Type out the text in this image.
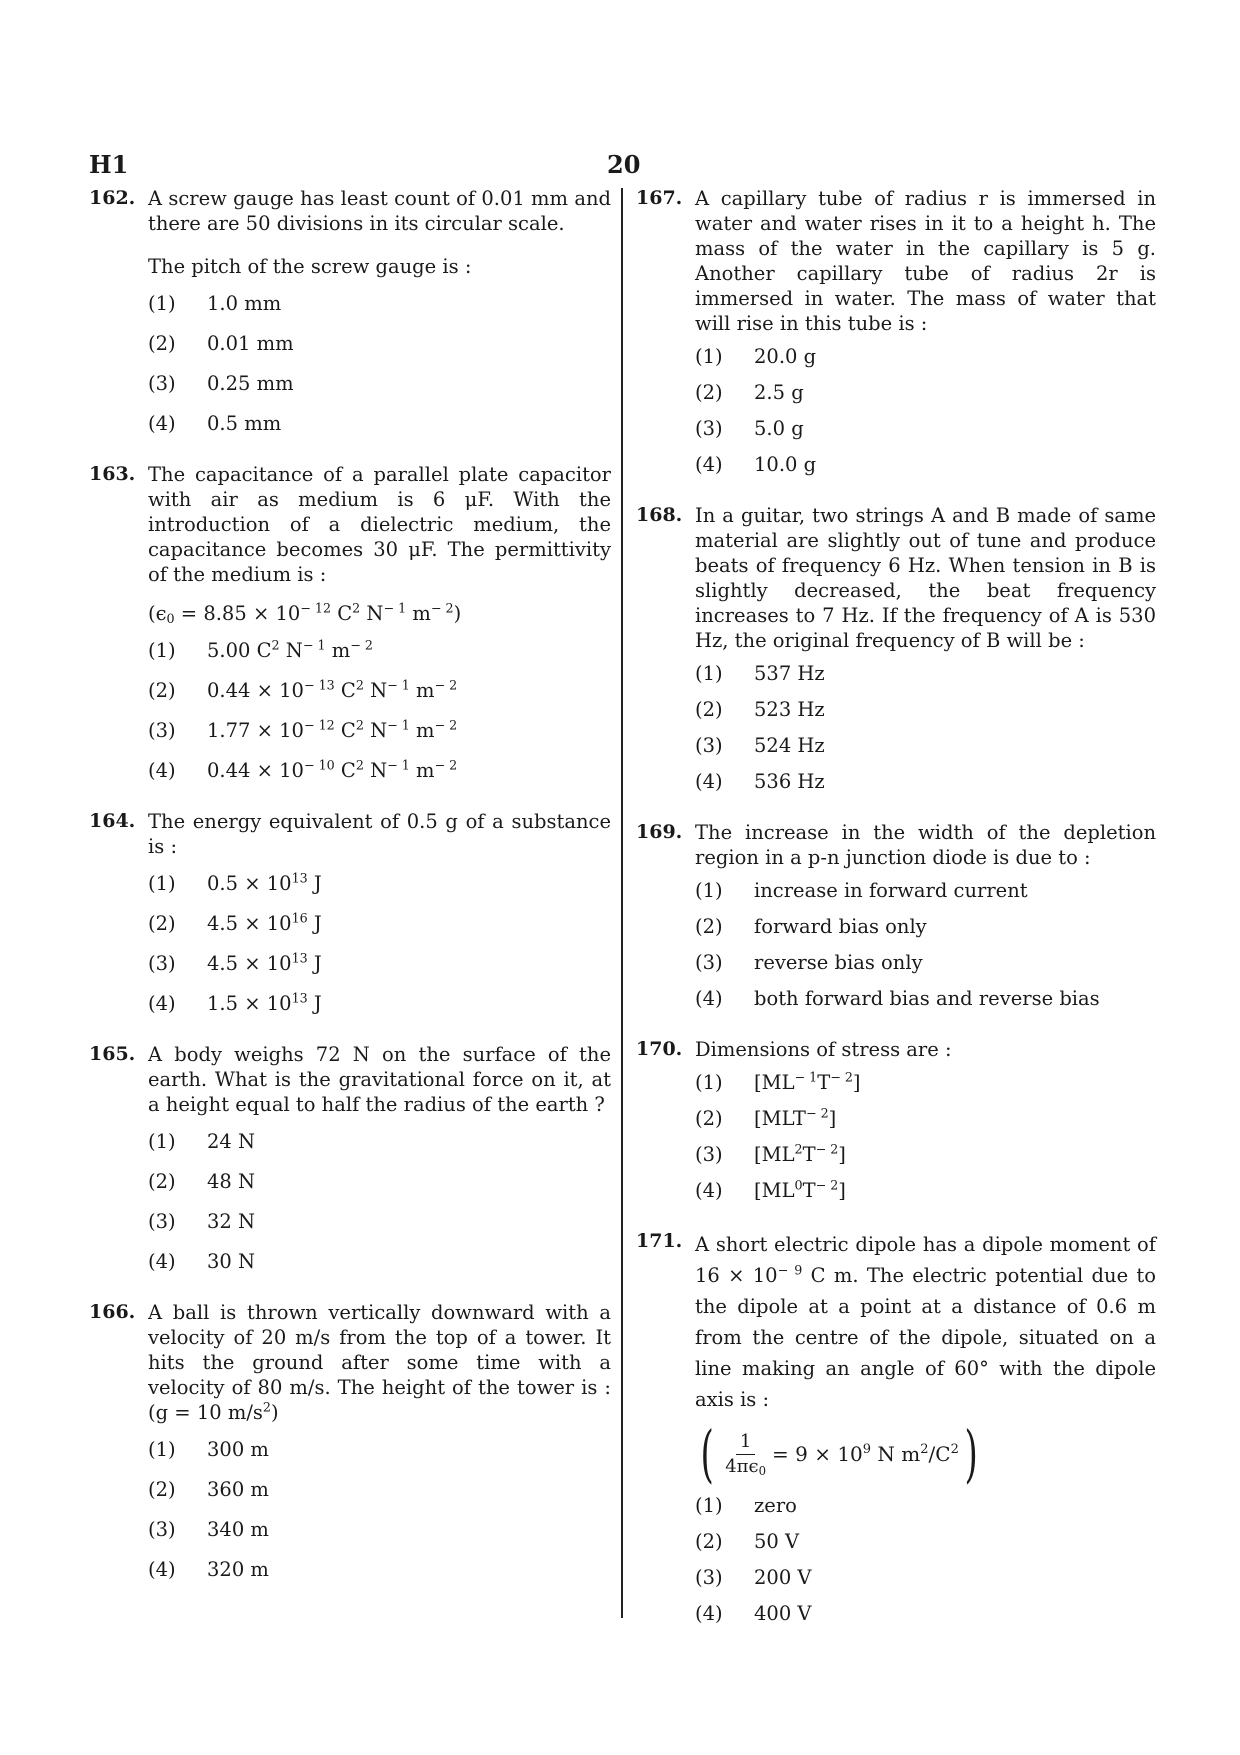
H1	20
162. A screw gauge has least count of 0.01 mm and there are 50 divisions in its circular scale.

The pitch of the screw gauge is :

(1)	1.0 mm
(2)	0.01 mm
(3)	0.25 mm
(4)	0.5 mm
163. The capacitance of a parallel plate capacitor with air as medium is 6 μF. With the introduction of a dielectric medium, the capacitance becomes 30 μF. The permittivity of the medium is :

($\epsilon_0 = 8.85 \times 10^{- 12}$ $C^2$ $N^{- 1}$ $m^{- 2}$)

(1)	5.00 $C^2$ $N^{- 1}$ $m^{- 2}$
(2)	$0.44 \times 10^{- 13}$ $C^2$ $N^{- 1}$ $m^{- 2}$
(3)	$1.77 \times 10^{- 12}$ $C^2$ $N^{- 1}$ $m^{- 2}$
(4)	$0.44 \times 10^{- 10}$ $C^2$ $N^{- 1}$ $m^{- 2}$
164. The energy equivalent of 0.5 g of a substance is :

(1)	$0.5 \times 10^{13}$ J
(2)	$4.5 \times 10^{16}$ J
(3)	$4.5 \times 10^{13}$ J
(4)	$1.5 \times 10^{13}$ J
165. A body weighs 72 N on the surface of the earth. What is the gravitational force on it, at a height equal to half the radius of the earth ?

(1)	24 N
(2)	48 N
(3)	32 N
(4)	30 N
166. A ball is thrown vertically downward with a velocity of 20 m/s from the top of a tower. It hits the ground after some time with a velocity of 80 m/s. The height of the tower is : (g = 10 $m/s^2$)

(1)	300 m
(2)	360 m
(3)	340 m
(4)	320 m
167. A capillary tube of radius r is immersed in water and water rises in it to a height h. The mass of the water in the capillary is 5 g. Another capillary tube of radius 2r is immersed in water. The mass of water that will rise in this tube is :

(1)	20.0 g
(2)	2.5 g
(3)	5.0 g
(4)	10.0 g
168. In a guitar, two strings A and B made of same material are slightly out of tune and produce beats of frequency 6 Hz. When tension in B is slightly decreased, the beat frequency increases to 7 Hz. If the frequency of A is 530 Hz, the original frequency of B will be :

(1)	537 Hz
(2)	523 Hz
(3)	524 Hz
(4)	536 Hz
169. The increase in the width of the depletion region in a p-n junction diode is due to :

(1)	increase in forward current
(2)	forward bias only
(3)	reverse bias only
(4)	both forward bias and reverse bias
170. Dimensions of stress are :

(1)	$[ML^{- 1}T^{- 2}]$
(2)	$[MLT^{- 2}]$
(3)	$[ML^2T^{- 2}]$
(4)	$[ML^0T^{- 2}]$
171. A short electric dipole has a dipole moment of $16 \times 10^{- 9}$ C m. The electric potential due to the dipole at a point at a distance of 0.6 m from the centre of the dipole, situated on a line making an angle of 60° with the dipole axis is :

( $\frac{1}{4\pi\epsilon_0} = 9 \times 10^9$ N $m^2/C^2$ )
(1)	zero
(2)	50 V
(3)	200 V
(4)	400 V
